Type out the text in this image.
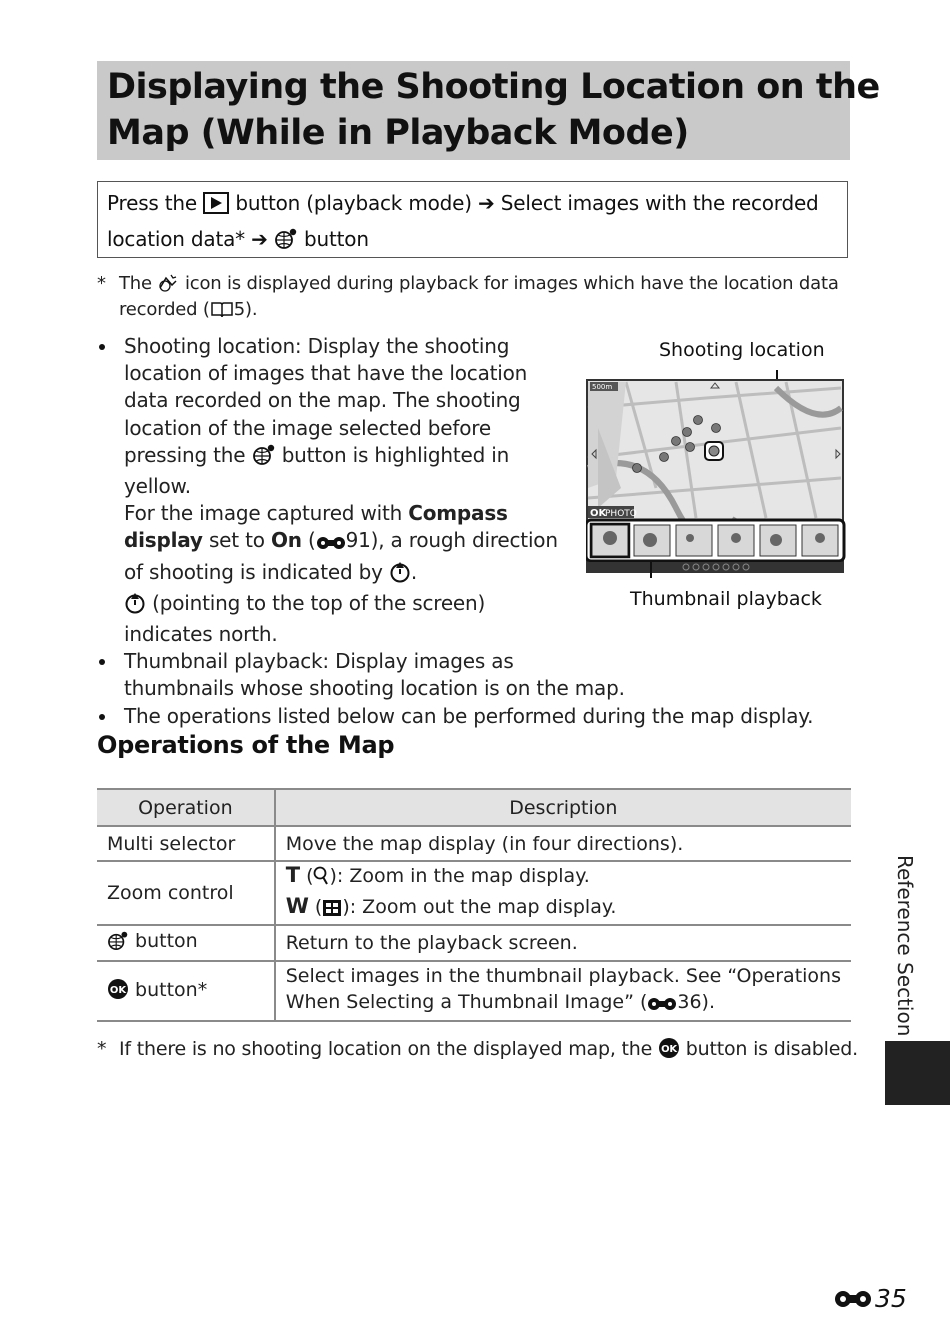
Displaying the Shooting Location on the
Map (While in Playback Mode)
Press the button (playback mode) ➔ Select images with the recorded
location data* ➔ button
* The icon is displayed during playback for images which have the location data
recorded ( 5).
Shooting location: Display the shooting
location of images that have the location
data recorded on the map. The shooting
location of the image selected before
pressing the button is highlighted in
yellow.
For the image captured with Compass
display set to On ( 91), a rough direction
of shooting is indicated by .
(pointing to the top of the screen)
indicates north.
Thumbnail playback: Display images as
thumbnails whose shooting location is on the map.
The operations listed below can be performed during the map display.
Shooting location
Thumbnail playback
500m
OK
PHOTO
Operations of the Map
Operation	Description
Multi selector	Move the map display (in four directions).
Zoom control	T ( ): Zoom in the map display.
W ( ): Zoom out the map display.

button	Return to the playback screen.

OK button*	Select images in the thumbnail playback. See “Operations
When Selecting a Thumbnail Image” ( 36).
* If there is no shooting location on the displayed map, the OK button is disabled.
Reference Section
35
